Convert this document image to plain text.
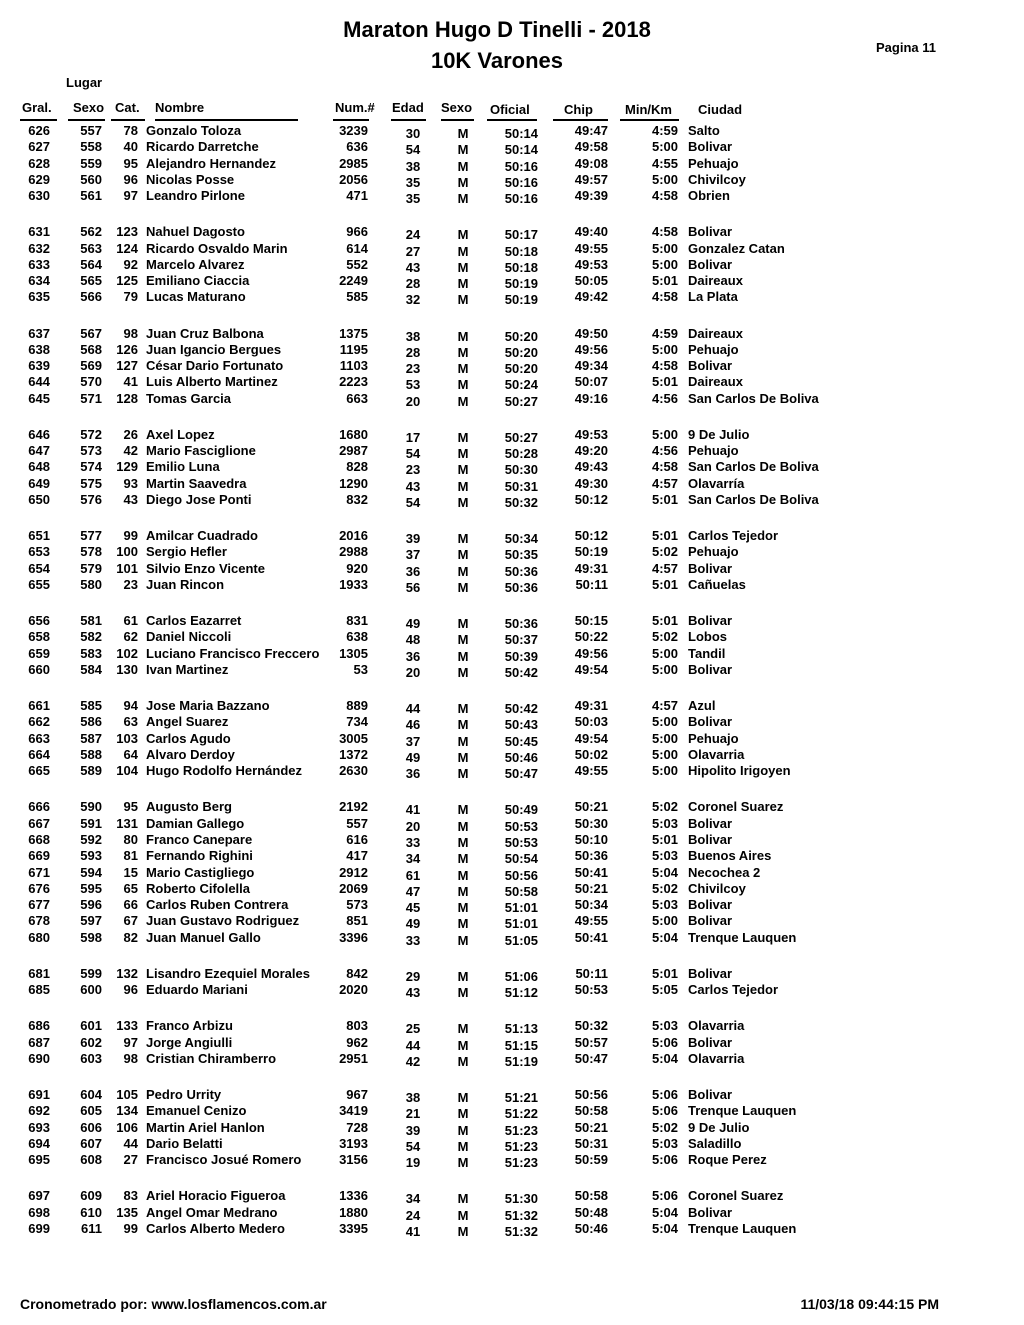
Maraton Hugo D Tinelli - 2018
10K Varones
Pagina 11
Lugar
Gral. Sexo Cat. Nombre	Num.# Edad Sexo Oficial	Chip Min/Km Ciudad
626	557	78 Gonzalo Toloza	3239	30	M	50:14	49:47	4:59 Salto
627	558	40 Ricardo Darretche	636	54	M	50:14	49:58	5:00 Bolivar
628	559	95 Alejandro Hernandez	2985	38	M	50:16	49:08	4:55 Pehuajo
629	560	96 Nicolas Posse	2056	35	M	50:16	49:57	5:00 Chivilcoy
630	561	97 Leandro Pirlone	471	35	M	50:16	49:39	4:58 Obrien
631	562	123 Nahuel Dagosto	966	24	M	50:17	49:40	4:58 Bolivar
632	563	124 Ricardo Osvaldo Marin	614	27	M	50:18	49:55	5:00 Gonzalez Catan
633	564	92 Marcelo Alvarez	552	43	M	50:18	49:53	5:00 Bolivar
634	565	125 Emiliano Ciaccia	2249	28	M	50:19	50:05	5:01 Daireaux
635	566	79 Lucas Maturano	585	32	M	50:19	49:42	4:58 La Plata
637	567	98 Juan Cruz Balbona	1375	38	M	50:20	49:50	4:59 Daireaux
638	568	126 Juan Igancio Bergues	1195	28	M	50:20	49:56	5:00 Pehuajo
639	569	127 César Dario Fortunato	1103	23	M	50:20	49:34	4:58 Bolivar
644	570	41 Luis Alberto Martinez	2223	53	M	50:24	50:07	5:01 Daireaux
645	571	128 Tomas Garcia	663	20	M	50:27	49:16	4:56 San Carlos De Boliva
646	572	26 Axel Lopez	1680	17	M	50:27	49:53	5:00 9 De Julio
647	573	42 Mario Fasciglione	2987	54	M	50:28	49:20	4:56 Pehuajo
648	574	129 Emilio Luna	828	23	M	50:30	49:43	4:58 San Carlos De Boliva
649	575	93 Martin Saavedra	1290	43	M	50:31	49:30	4:57 Olavarría
650	576	43 Diego Jose Ponti	832	54	M	50:32	50:12	5:01 San Carlos De Boliva
651	577	99 Amilcar Cuadrado	2016	39	M	50:34	50:12	5:01 Carlos Tejedor
653	578	100 Sergio Hefler	2988	37	M	50:35	50:19	5:02 Pehuajo
654	579	101 Silvio Enzo Vicente	920	36	M	50:36	49:31	4:57 Bolivar
655	580	23 Juan Rincon	1933	56	M	50:36	50:11	5:01 Cañuelas
656	581	61 Carlos Eazarret	831	49	M	50:36	50:15	5:01 Bolivar
658	582	62 Daniel Niccoli	638	48	M	50:37	50:22	5:02 Lobos
659	583	102 Luciano Francisco Freccero	1305	36	M	50:39	49:56	5:00 Tandil
660	584	130 Ivan Martinez	53	20	M	50:42	49:54	5:00 Bolivar
661	585	94 Jose Maria Bazzano	889	44	M	50:42	49:31	4:57 Azul
662	586	63 Angel Suarez	734	46	M	50:43	50:03	5:00 Bolivar
663	587	103 Carlos Agudo	3005	37	M	50:45	49:54	5:00 Pehuajo
664	588	64 Alvaro Derdoy	1372	49	M	50:46	50:02	5:00 Olavarria
665	589	104 Hugo Rodolfo Hernández	2630	36	M	50:47	49:55	5:00 Hipolito Irigoyen
666	590	95 Augusto Berg	2192	41	M	50:49	50:21	5:02 Coronel Suarez
667	591	131 Damian Gallego	557	20	M	50:53	50:30	5:03 Bolivar
668	592	80 Franco Canepare	616	33	M	50:53	50:10	5:01 Bolivar
669	593	81 Fernando Righini	417	34	M	50:54	50:36	5:03 Buenos Aires
671	594	15 Mario Castigliego	2912	61	M	50:56	50:41	5:04 Necochea 2
676	595	65 Roberto Cifolella	2069	47	M	50:58	50:21	5:02 Chivilcoy
677	596	66 Carlos Ruben Contrera	573	45	M	51:01	50:34	5:03 Bolivar
678	597	67 Juan Gustavo Rodriguez	851	49	M	51:01	49:55	5:00 Bolivar
680	598	82 Juan Manuel Gallo	3396	33	M	51:05	50:41	5:04 Trenque Lauquen
681	599	132 Lisandro Ezequiel Morales	842	29	M	51:06	50:11	5:01 Bolivar
685	600	96 Eduardo Mariani	2020	43	M	51:12	50:53	5:05 Carlos Tejedor
686	601	133 Franco Arbizu	803	25	M	51:13	50:32	5:03 Olavarria
687	602	97 Jorge Angiulli	962	44	M	51:15	50:57	5:06 Bolivar
690	603	98 Cristian Chiramberro	2951	42	M	51:19	50:47	5:04 Olavarria
691	604	105 Pedro Urrity	967	38	M	51:21	50:56	5:06 Bolivar
692	605	134 Emanuel Cenizo	3419	21	M	51:22	50:58	5:06 Trenque Lauquen
693	606	106 Martin Ariel Hanlon	728	39	M	51:23	50:21	5:02 9 De Julio
694	607	44 Dario Belatti	3193	54	M	51:23	50:31	5:03 Saladillo
695	608	27 Francisco Josué Romero	3156	19	M	51:23	50:59	5:06 Roque Perez
697	609	83 Ariel Horacio Figueroa	1336	34	M	51:30	50:58	5:06 Coronel Suarez
698	610	135 Angel Omar Medrano	1880	24	M	51:32	50:48	5:04 Bolivar
699	611	99 Carlos Alberto Medero	3395	41	M	51:32	50:46	5:04 Trenque Lauquen
Cronometrado por: www.losflamencos.com.ar	11/03/18 09:44:15 PM
